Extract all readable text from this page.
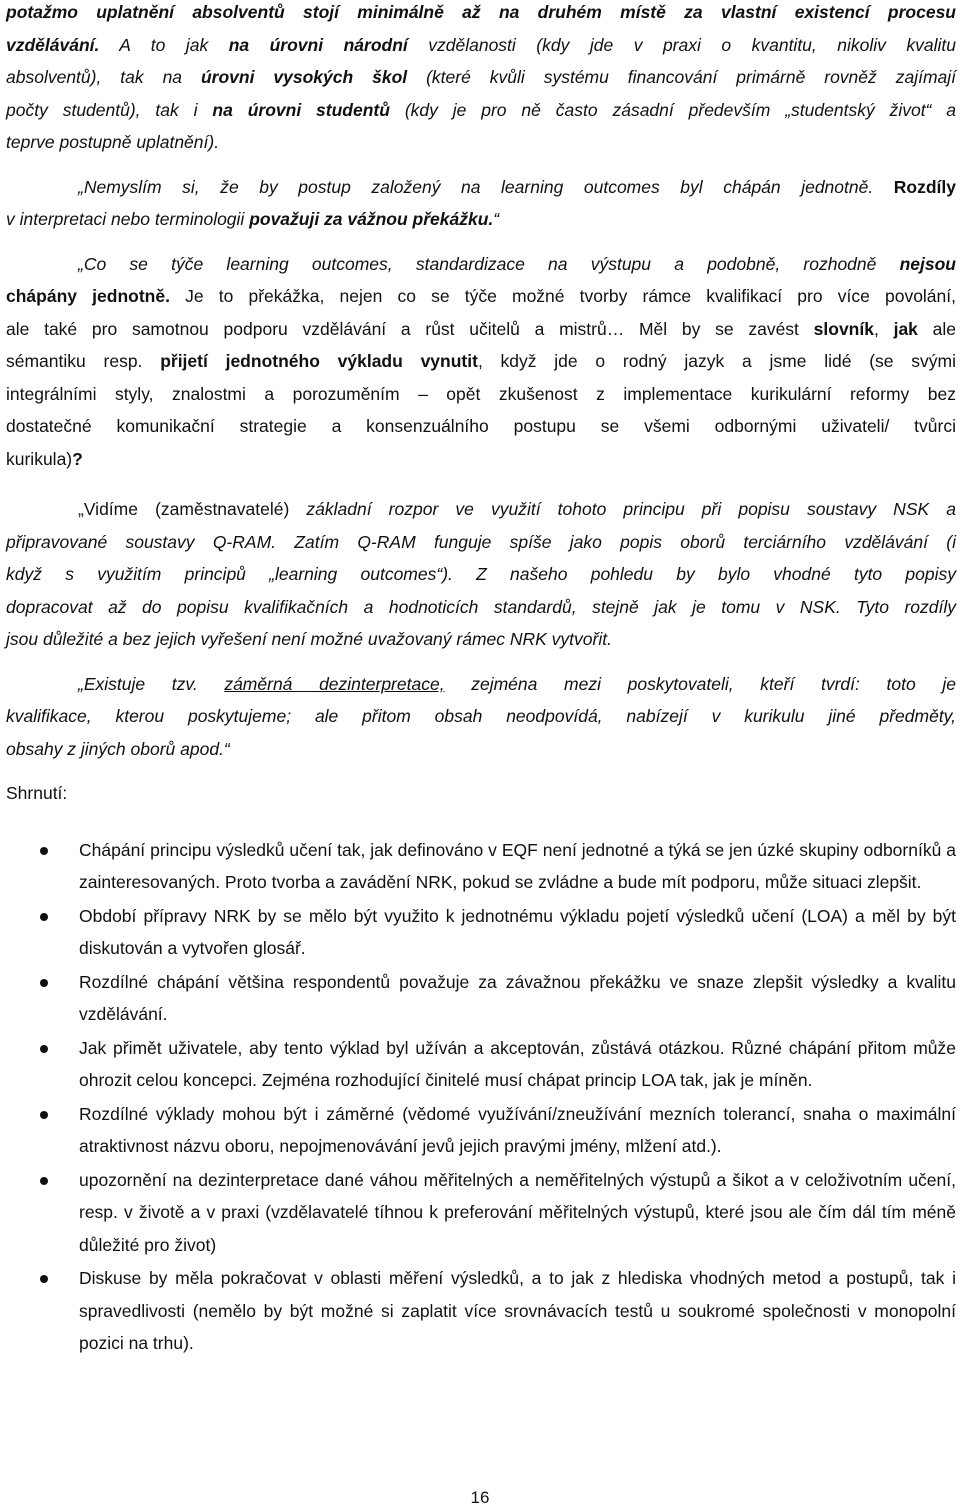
potažmo uplatnění absolventů stojí minimálně až na druhém místě za vlastní existencí procesu
vzdělávání. A to jak na úrovni národní vzdělanosti (kdy jde v praxi o kvantitu, nikoliv kvalitu
absolventů), tak na úrovni vysokých škol (které kvůli systému financování primárně rovněž zajímají
počty studentů), tak i na úrovni studentů (kdy je pro ně často zásadní především „studentský život“ a
teprve postupně uplatnění).
„Nemyslím si, že by postup založený na learning outcomes byl chápán jednotně. Rozdíly
v interpretaci nebo terminologii považuji za vážnou překážku.“
„Co se týče learning outcomes, standardizace na výstupu a podobně, rozhodně nejsou
chápány jednotně. Je to překážka, nejen co se týče možné tvorby rámce kvalifikací pro více povolání,
ale také pro samotnou podporu vzdělávání a růst učitelů a mistrů… Měl by se zavést slovník, jak ale
sémantiku resp. přijetí jednotného výkladu vynutit, když jde o rodný jazyk a jsme lidé (se svými
integrálními styly, znalostmi a porozuměním – opět zkušenost z implementace kurikulární reformy bez
dostatečné komunikační strategie a konsenzuálního postupu se všemi odbornými uživateli/ tvůrci
kurikula)?
„Vidíme (zaměstnavatelé) základní rozpor ve využití tohoto principu při popisu soustavy NSK a
připravované soustavy Q-RAM. Zatím Q-RAM funguje spíše jako popis oborů terciárního vzdělávání (i
když s využitím principů „learning outcomes“). Z našeho pohledu by bylo vhodné tyto popisy
dopracovat až do popisu kvalifikačních a hodnoticích standardů, stejně jak je tomu v NSK. Tyto rozdíly
jsou důležité a bez jejich vyřešení není možné uvažovaný rámec NRK vytvořit.
„Existuje tzv. záměrná dezinterpretace, zejména mezi poskytovateli, kteří tvrdí: toto je
kvalifikace, kterou poskytujeme; ale přitom obsah neodpovídá, nabízejí v kurikulu jiné předměty,
obsahy z jiných oborů apod.“

Shrnutí:

Chápání principu výsledků učení tak, jak definováno v EQF není jednotné a týká se jen úzké skupiny odborníků a zainteresovaných. Proto tvorba a zavádění NRK, pokud se zvládne a bude mít podporu, může situaci zlepšit.
Období přípravy NRK by se mělo být využito k jednotnému výkladu pojetí výsledků učení (LOA) a měl by být diskutován a vytvořen glosář.
Rozdílné chápání většina respondentů považuje za závažnou překážku ve snaze zlepšit výsledky a kvalitu vzdělávání.
Jak přimět uživatele, aby tento výklad byl užíván a akceptován, zůstává otázkou. Různé chápání přitom může ohrozit celou koncepci. Zejména rozhodující činitelé musí chápat princip LOA tak, jak je míněn.
Rozdílné výklady mohou být i záměrné (vědomé využívání/zneužívání mezních tolerancí, snaha o maximální atraktivnost názvu oboru, nepojmenovávání jevů jejich pravými jmény, mlžení atd.).
upozornění na dezinterpretace dané váhou měřitelných a neměřitelných výstupů a šikot a v celoživotním učení, resp. v životě a v praxi (vzdělavatelé tíhnou k preferování měřitelných výstupů, které jsou ale čím dál tím méně důležité pro život)
Diskuse by měla pokračovat v oblasti měření výsledků, a to jak z hlediska vhodných metod a postupů, tak i spravedlivosti (nemělo by být možné si zaplatit více srovnávacích testů u soukromé společnosti v monopolní pozici na trhu).
16
